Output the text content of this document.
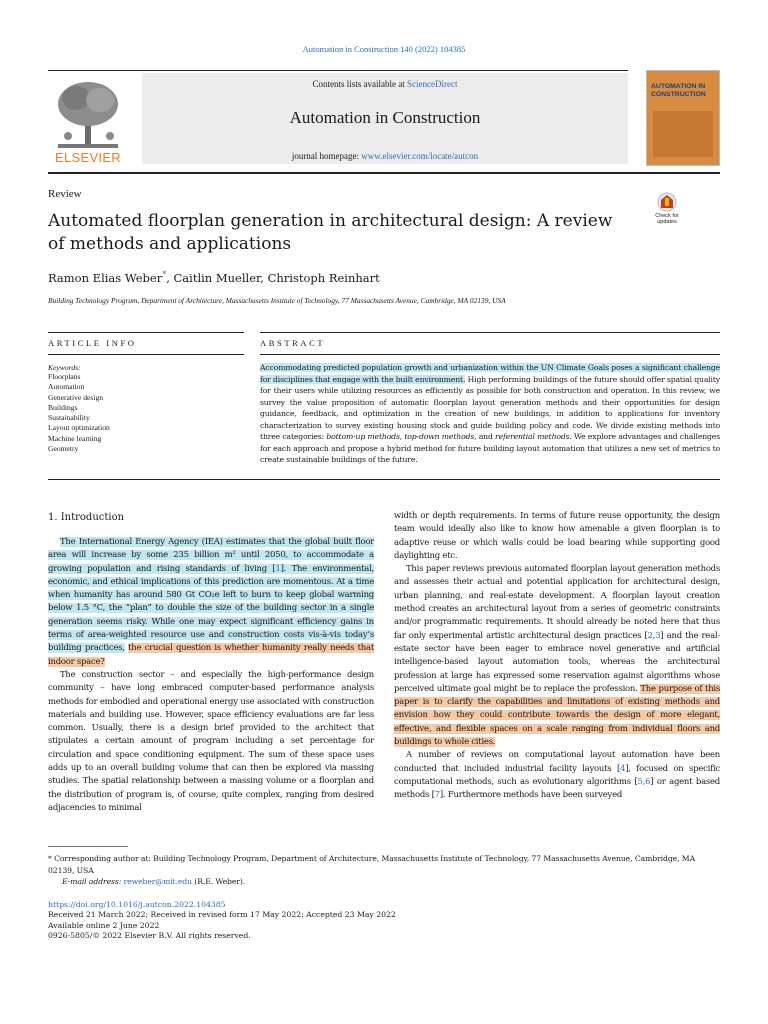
Automation in Construction 140 (2022) 104385
ELSEVIER
Contents lists available at ScienceDirect
Automation in Construction
journal homepage: www.elsevier.com/locate/autcon
AUTOMATION IN CONSTRUCTION
Review
Check for
updates
Automated floorplan generation in architectural design: A review of methods and applications
Ramon Elias Weber*, Caitlin Mueller, Christoph Reinhart
Building Technology Program, Department of Architecture, Massachusetts Institute of Technology, 77 Massachusetts Avenue, Cambridge, MA 02139, USA
ARTICLE INFO	ABSTRACT
Keywords:
Floorplans
Automation
Generative design
Buildings
Sustainability
Layout optimization
Machine learning
Geometry
Accommodating predicted population growth and urbanization within the UN Climate Goals poses a significant challenge for disciplines that engage with the built environment. High performing buildings of the future should offer spatial quality for their users while utilizing resources as efficiently as possible for both construction and operation. In this review, we survey the value proposition of automatic floorplan layout generation methods and their opportunities for design guidance, feedback, and optimization in the creation of new buildings, in addition to applications for inventory characterization to survey existing housing stock and guide building policy and code. We divide existing methods into three categories: bottom-up methods, top-down methods, and referential methods. We explore advantages and challenges for each approach and propose a hybrid method for future building layout automation that utilizes a new set of metrics to create sustainable buildings of the future.
1. Introduction

The International Energy Agency (IEA) estimates that the global built floor area will increase by some 235 billion m² until 2050, to accommodate a growing population and rising standards of living [1]. The environmental, economic, and ethical implications of this prediction are momentous. At a time when humanity has around 580 Gt CO₂e left to burn to keep global warming below 1.5 °C, the “plan” to double the size of the building sector in a single generation seems risky. While one may expect significant efficiency gains in terms of area-weighted resource use and construction costs vis-à-vis today’s building practices, the crucial question is whether humanity really needs that indoor space?

The construction sector – and especially the high-performance design community – have long embraced computer-based performance analysis methods for embodied and operational energy use associated with construction materials and building use. However, space efficiency evaluations are far less common. Usually, there is a design brief provided to the architect that stipulates a certain amount of program including a set percentage for circulation and space conditioning equipment. The sum of these space uses adds up to an overall building volume that can then be explored via massing studies. The spatial relationship between a massing volume or a floorplan and the distribution of program is, of course, quite complex, ranging from desired adjacencies to minimal

width or depth requirements. In terms of future reuse opportunity, the design team would ideally also like to know how amenable a given floorplan is to adaptive reuse or which walls could be load bearing while supporting good daylighting etc.

This paper reviews previous automated floorplan layout generation methods and assesses their actual and potential application for architectural design, urban planning, and real-estate development. A floorplan layout creation method creates an architectural layout from a series of geometric constraints and/or programmatic requirements. It should already be noted here that thus far only experimental artistic architectural design practices [2,3] and the real-estate sector have been eager to embrace novel generative and artificial intelligence-based layout automation tools, whereas the architectural profession at large has expressed some reservation against algorithms whose perceived ultimate goal might be to replace the profession. The purpose of this paper is to clarify the capabilities and limitations of existing methods and envision how they could contribute towards the design of more elegant, effective, and flexible spaces on a scale ranging from individual floors and buildings to whole cities.

A number of reviews on computational layout automation have been conducted that included industrial facility layouts [4], focused on specific computational methods, such as evolutionary algorithms [5,6] or agent based methods [7]. Furthermore methods have been surveyed

* Corresponding author at: Building Technology Program, Department of Architecture, Massachusetts Institute of Technology, 77 Massachusetts Avenue, Cambridge, MA 02139, USA
E-mail address: reweber@mit.edu (R.E. Weber).
https://doi.org/10.1016/j.autcon.2022.104385
Received 21 March 2022; Received in revised form 17 May 2022; Accepted 23 May 2022
Available online 2 June 2022
0926-5805/© 2022 Elsevier B.V. All rights reserved.
